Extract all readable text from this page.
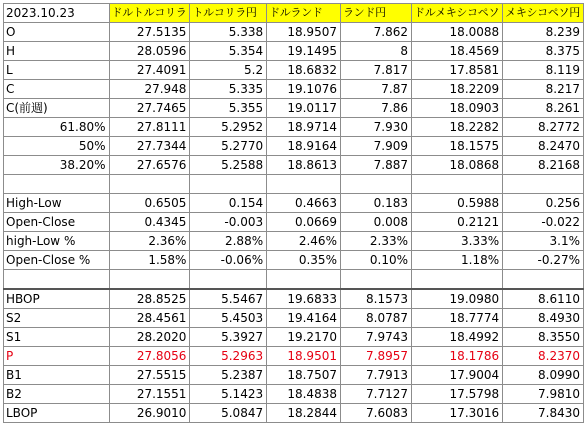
2023.10.23	ドルトルコリラ	トルコリラ円	ドルランド	ランド円	ドルメキシコペソ	メキシコペソ円
O	27.5135	5.338	18.9507	7.862	18.0088	8.239
H	28.0596	5.354	19.1495	8	18.4569	8.375
L	27.4091	5.2	18.6832	7.817	17.8581	8.119
C	27.948	5.335	19.1076	7.87	18.2209	8.217
C(前週)	27.7465	5.355	19.0117	7.86	18.0903	8.261
61.80%	27.8111	5.2952	18.9714	7.930	18.2282	8.2772
50%	27.7344	5.2770	18.9164	7.909	18.1575	8.2470
38.20%	27.6576	5.2588	18.8613	7.887	18.0868	8.2168

High-Low	0.6505	0.154	0.4663	0.183	0.5988	0.256
Open-Close	0.4345	-0.003	0.0669	0.008	0.2121	-0.022
high-Low %	2.36%	2.88%	2.46%	2.33%	3.33%	3.1%
Open-Close %	1.58%	-0.06%	0.35%	0.10%	1.18%	-0.27%

HBOP	28.8525	5.5467	19.6833	8.1573	19.0980	8.6110
S2	28.4561	5.4503	19.4164	8.0787	18.7774	8.4930
S1	28.2020	5.3927	19.2170	7.9743	18.4992	8.3550
P	27.8056	5.2963	18.9501	7.8957	18.1786	8.2370
B1	27.5515	5.2387	18.7507	7.7913	17.9004	8.0990
B2	27.1551	5.1423	18.4838	7.7127	17.5798	7.9810
LBOP	26.9010	5.0847	18.2844	7.6083	17.3016	7.8430
